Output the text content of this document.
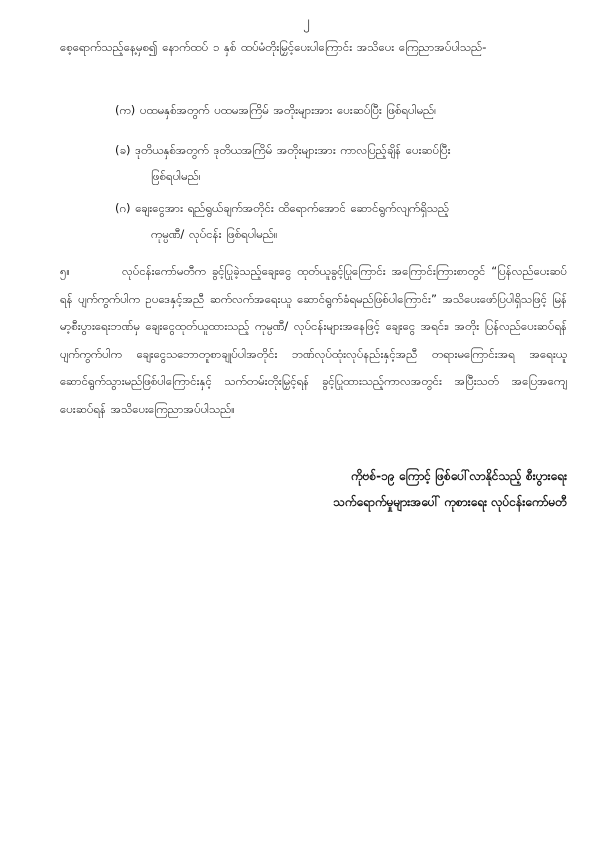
၂

စေ့ရောက်သည့်နေ့မှစ၍ နောက်ထပ် ၁ နှစ် ထပ်မံတိုးမြှင့်ပေးပါကြောင်း အသိပေး ကြေညာအပ်ပါသည်-

(က) ပထမနှစ်အတွက် ပထမအကြိမ် အတိုးများအား ပေးဆပ်ပြီး ဖြစ်ရပါမည်၊

(ခ) ဒုတိယနှစ်အတွက် ဒုတိယအကြိမ် အတိုးများအား ကာလပြည့်ချိန် ပေးဆပ်ပြီး
ဖြစ်ရပါမည်၊

(ဂ) ချေးငွေအား ရည်ရွယ်ချက်အတိုင်း ထိရောက်အောင် ဆောင်ရွက်လျက်ရှိသည့်
ကုမ္ပဏီ/ လုပ်ငန်း ဖြစ်ရပါမည်။

၅။	လုပ်ငန်းကော်မတီက ခွင့်ပြုခဲ့သည့်ချေးငွေ ထုတ်ယူခွင့်ပြုကြောင်း အကြောင်းကြားစာတွင် “ပြန်လည်ပေးဆပ်ရန် ပျက်ကွက်ပါက ဥပဒေနှင့်အညီ ဆက်လက်အရေးယူ ဆောင်ရွက်ခံရမည်ဖြစ်ပါကြောင်း” အသိပေးဖော်ပြပါရှိသဖြင့် မြန်မာ့စီးပွားရေးဘဏ်မှ ချေးငွေထုတ်ယူထားသည့် ကုမ္ပဏီ/ လုပ်ငန်းများအနေဖြင့် ချေးငွေ အရင်း၊ အတိုး ပြန်လည်ပေးဆပ်ရန် ပျက်ကွက်ပါက ချေးငွေသဘောတူစာချုပ်ပါအတိုင်း ဘဏ်လုပ်ထုံးလုပ်နည်းနှင့်အညီ တရားမကြောင်းအရ အရေးယူဆောင်ရွက်သွားမည်ဖြစ်ပါကြောင်းနှင့် သက်တမ်းတိုးမြှင့်ရန် ခွင့်ပြုထားသည့်ကာလအတွင်း အပြီးသတ် အပြေအကျေပေးဆပ်ရန် အသိပေးကြေညာအပ်ပါသည်။

ကိုဗစ်-၁၉ ကြောင့် ဖြစ်ပေါ်လာနိုင်သည့် စီးပွားရေး
သက်ရောက်မှုများအပေါ် ကုစားရေး လုပ်ငန်းကော်မတီ
